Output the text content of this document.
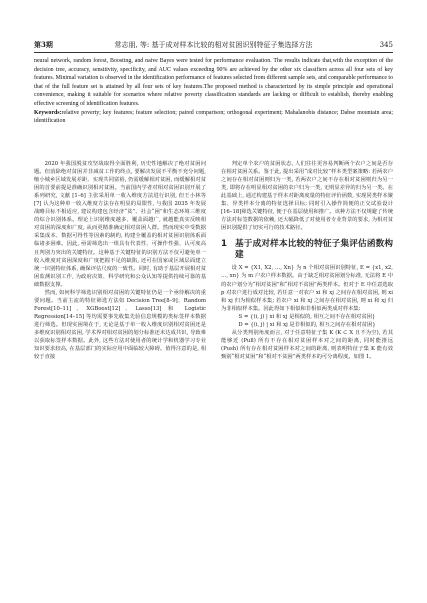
第3期	常志朋, 等: 基于成对样本比较的相对贫困识别特征子集选择方法	345
neural network, random forest, Boosting, and naive Bayes were tested for performance evaluation. The results indicate that,with the exception of the decision tree, accuracy, sensitivity, specificity, and AUC values exceeding 90% are achieved by the other six classifiers across all four sets of key features. Minimal variation is observed in the identification performance of features selected from different sample sets, and comparable performance to that of the full feature set is attained by all four sets of key features.The proposed method is characterized by its simple principle and operational convenience, making it suitable for scenarios where relative poverty classification standards are lacking or difficult to establish, thereby enabling effective screening of identification features.
Keywords:relative poverty; key features; feature selection; paired comparison; orthogonal experiment; Mahalanobis distance; Dabse mountain area; identification

2020 年我国脱贫攻坚战取得全面胜利, 历史性地解决了绝对贫困问题。但消除绝对贫困并非减贫工作的终点, 要解决发展不平衡不充分问题, 缩小城乡区域发展差距、实现共同富裕, 仍需缓解相对贫困, 而缓解相对贫困的首要前提是准确识别相对贫困。当前国内学者对相对贫困识别开展了系列研究, 文献 [1–6] 主张采用单一收入维度方法进行识别, 但王小林等[7] 认为这种单一收入维度方法存在明显的局限性, 与我国 2035 年发展战略目标不相适应, 建议构建包含经济“贫”、社会“困”和生态环境三维度的综合识别体系。理论上识别维度越多、覆盖面越广, 就越能真实反映相对贫困的深度和广度, 从而更精准确定相对贫困人群。然而现实中受数据采集成本、数据可得性等因素的制约, 构建全覆盖的相对贫困识别体系面临诸多困难。因此, 亟需筛选出一组具有代表性、可操作性强、认可度高且判别力突出的关键特征。这种基于关键特征的识别方法不仅可避免单一收入维度对贫困深度和广度把握不足的缺陷, 还可在国家或区域层面建立统一识别特征体系, 确保评估尺度的一致性。同时, 有助于基层开展相对贫困监测识别工作, 为政府决策、科学研究和公众认知等提供持续可靠的基础数据支撑。

然而, 如何科学筛选识别相对贫困的关键特征仍是一个亟待解决的重要问题。当前主流的特征筛选方法如 Decision Tree[8–9]、Random Forest[10–11]、XGBoost[12]、Lasso[13] 和 Logistic Regression[14–15] 等均需要事先收集先验信息规模的类标签样本数据进行筛选。但现实困境在于, 无论是基于单一收入维度识别相对贫困还是多维度识别相对贫困, 学术界对相对贫困的划分标准还未达成共识, 导致难以获取标签样本数据。此外, 这些方法对使用者的统计学和机器学习专业知识要求较高, 在基层部门的实际应用中面临较大障碍。值得注意的是, 相较于直接

判定单个农户的贫困状态, 人们往往更容易判断两个农户之间是否存在相对贫困关系。鉴于此, 提出采用“成对比较”样本类型案策略: 若两农户之间存在相对贫困则归为一类, 若两农户之间不存在相对贫困则归为另一类, 即将存在明显相对贫困的农户归为一类, 无明显差异的归为另一类。在此基础上, 通过构建基于样本对距离度量的特征评价函数, 实现同类样本聚集、异类样本分离的特征选择目标; 同时引入操作简便的正交试验设计[16–18]筛选关键特征, 便于在基层使用和推广。该种方法不仅规避了传统方法对标签数据的依赖, 还大幅降低了对使用者专业背景的要求, 为相对贫困识别提供了切实可行的技术路径。

1 基于成对样本比较的特征子集评估函数构建

设 X = {X1, X2, …, Xn} 为 n 个相对贫困识别特征, E = {x1, x2, …, xn} 为 m 户农户样本数据。由于缺乏相对贫困划分标准, 无法将 E 中的农户划分为“相对贫困”和“相对不贫困”两类样本。但对于 E 中任意选取 p 对农户进行成对比较, 若任意一对农户 xi 和 xj 之间存在相对贫困, 则 xi 和 xj 归为相似样本集; 若农户 xi 和 xj 之间存在相对贫困, 则 xi 和 xj 归为非相似样本集。因此得如下相似和非相似两类成对样本集:

S = {(i, j) | xi 和 xj 是相似的, 相互之间不存在相对贫困}

D = {(i, j) | xi 和 xj 是非相似的, 相互之间存在相对贫困}

从分类判别角度而言, 对于任意特征子集 K (K ⊂ X 且不为空), 若其能够近 (Pull) 所有不存在相对贫困样本对之间的距离, 同时能推远 (Push) 所有存在相对贫困样本对之间的距离, 则表明特征子集 K 能有效甄别“相对贫困”和“相对不贫困”两类样本的可分离程度。如图 1。
